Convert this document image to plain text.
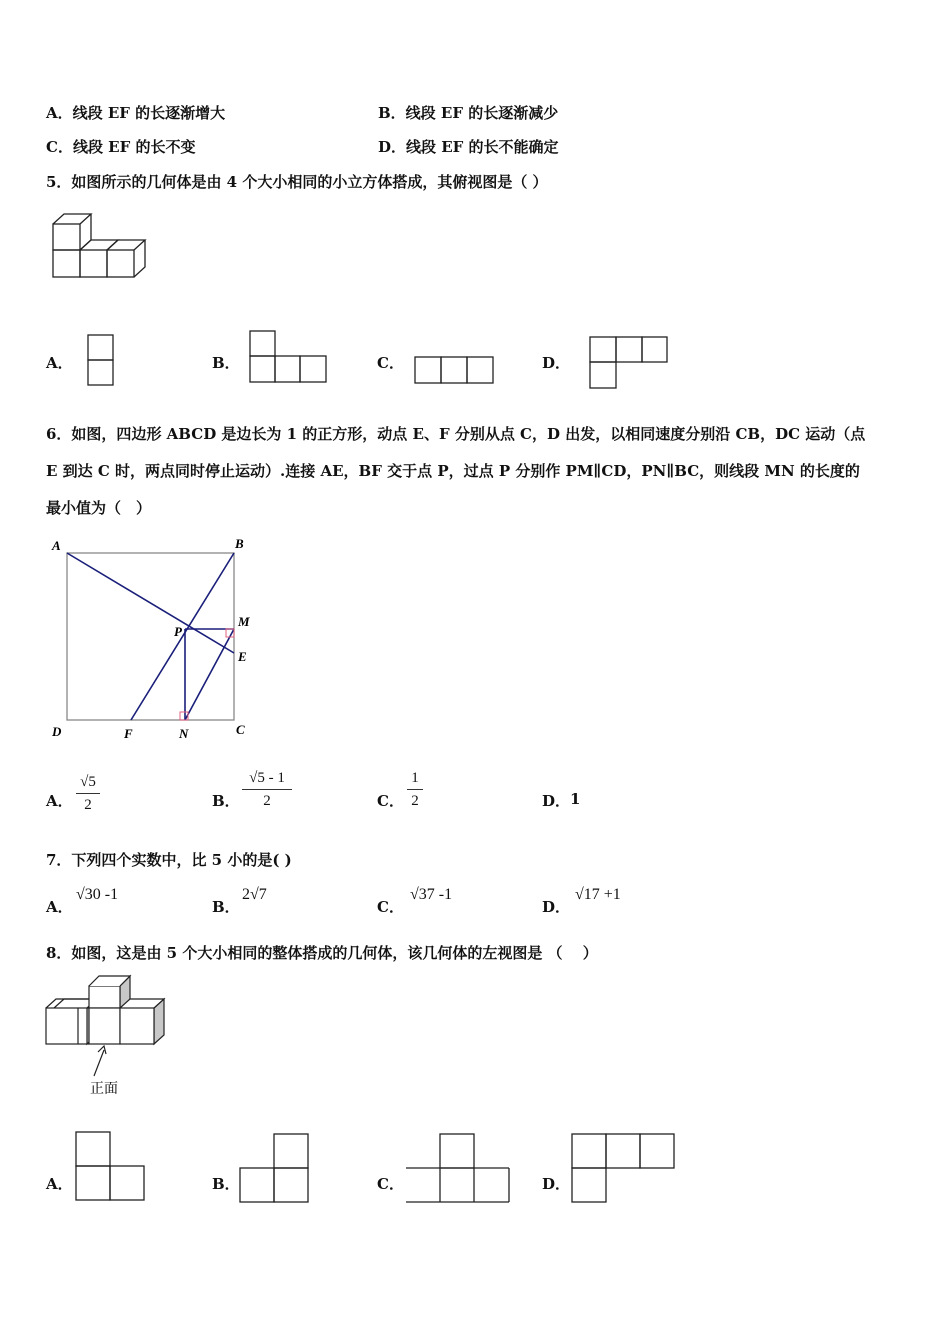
A．线段 EF 的长逐渐增大	B．线段 EF 的长逐渐减少
C．线段 EF 的长不变	D．线段 EF 的长不能确定
5．如图所示的几何体是由 4 个大小相同的小立方体搭成，其俯视图是（ ）
A．	B．	C．	D．
6．如图，四边形 ABCD 是边长为 1 的正方形，动点 E、F 分别从点 C，D 出发，以相同速度分别沿 CB，DC 运动（点
E 到达 C 时，两点同时停止运动）.连接 AE，BF 交于点 P，过点 P 分别作 PM∥CD，PN∥BC，则线段 MN 的长度的
最小值为（　）
A	B
P
M
E
D	F	N	C
A．
√5
2	B．
√5 - 1
2	C．
1
2	D． 1
7．下列四个实数中，比 5 小的是( )
A．
√30 -1
B．
2√7
C．
√37 -1
D．
√17 +1
8．如图，这是由 5 个大小相同的整体搭成的几何体，该几何体的左视图是 （　 ）
正面
A．	B．	C．	D．
